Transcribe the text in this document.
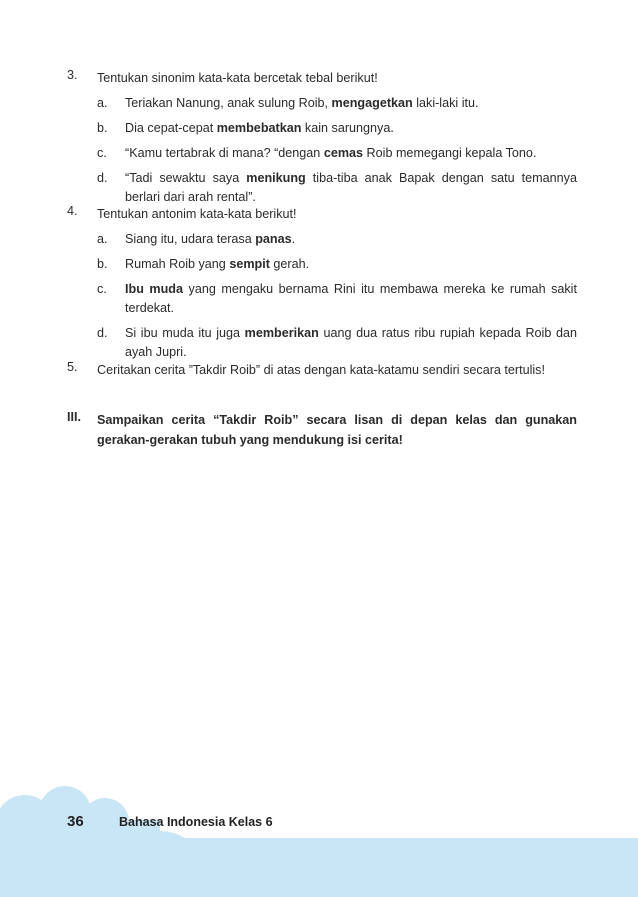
3. Tentukan sinonim kata-kata bercetak tebal berikut!
a. Teriakan Nanung, anak sulung Roib, mengagetkan laki-laki itu.
b. Dia cepat-cepat membebatkan kain sarungnya.
c. “Kamu tertabrak di mana? “dengan cemas Roib memegangi kepala Tono.
d. “Tadi sewaktu saya menikung tiba-tiba anak Bapak dengan satu temannya berlari dari arah rental”.
4. Tentukan antonim kata-kata berikut!
a. Siang itu, udara terasa panas.
b. Rumah Roib yang sempit gerah.
c. Ibu muda yang mengaku bernama Rini itu membawa mereka ke rumah sakit terdekat.
d. Si ibu muda itu juga memberikan uang dua ratus ribu rupiah kepada Roib dan ayah Jupri.
5. Ceritakan cerita ”Takdir Roib” di atas dengan kata-katamu sendiri secara tertulis!
III. Sampaikan cerita “Takdir Roib” secara lisan di depan kelas dan gunakan gerakan-gerakan tubuh yang mendukung isi cerita!
36	Bahasa Indonesia Kelas 6
